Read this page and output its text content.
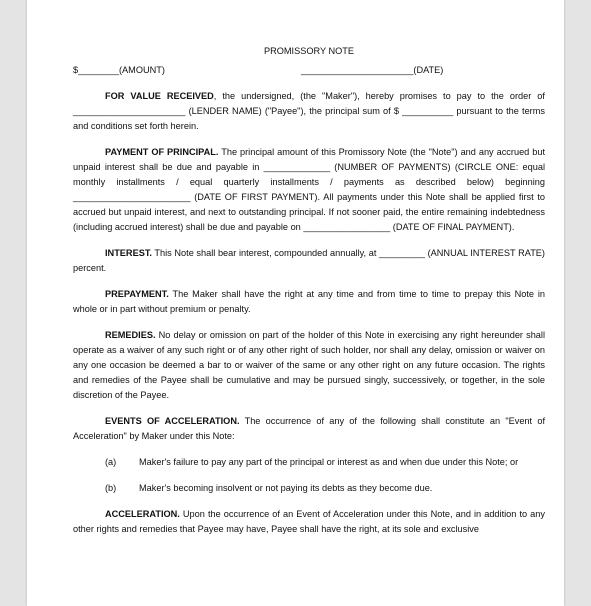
PROMISSORY NOTE
$________(AMOUNT)	______________________(DATE)
FOR VALUE RECEIVED, the undersigned, (the "Maker"), hereby promises to pay to the order of ______________________ (LENDER NAME) ("Payee"), the principal sum of $ __________ pursuant to the terms and conditions set forth herein.
PAYMENT OF PRINCIPAL. The principal amount of this Promissory Note (the "Note") and any accrued but unpaid interest shall be due and payable in _____________ (NUMBER OF PAYMENTS) (CIRCLE ONE: equal monthly installments / equal quarterly installments / payments as described below) beginning _______________________ (DATE OF FIRST PAYMENT). All payments under this Note shall be applied first to accrued but unpaid interest, and next to outstanding principal. If not sooner paid, the entire remaining indebtedness (including accrued interest) shall be due and payable on _________________ (DATE OF FINAL PAYMENT).
INTEREST. This Note shall bear interest, compounded annually, at _________ (ANNUAL INTEREST RATE) percent.
PREPAYMENT. The Maker shall have the right at any time and from time to time to prepay this Note in whole or in part without premium or penalty.
REMEDIES. No delay or omission on part of the holder of this Note in exercising any right hereunder shall operate as a waiver of any such right or of any other right of such holder, nor shall any delay, omission or waiver on any one occasion be deemed a bar to or waiver of the same or any other right on any future occasion. The rights and remedies of the Payee shall be cumulative and may be pursued singly, successively, or together, in the sole discretion of the Payee.
EVENTS OF ACCELERATION. The occurrence of any of the following shall constitute an "Event of Acceleration" by Maker under this Note:
(a) Maker's failure to pay any part of the principal or interest as and when due under this Note; or
(b) Maker's becoming insolvent or not paying its debts as they become due.
ACCELERATION. Upon the occurrence of an Event of Acceleration under this Note, and in addition to any other rights and remedies that Payee may have, Payee shall have the right, at its sole and exclusive
